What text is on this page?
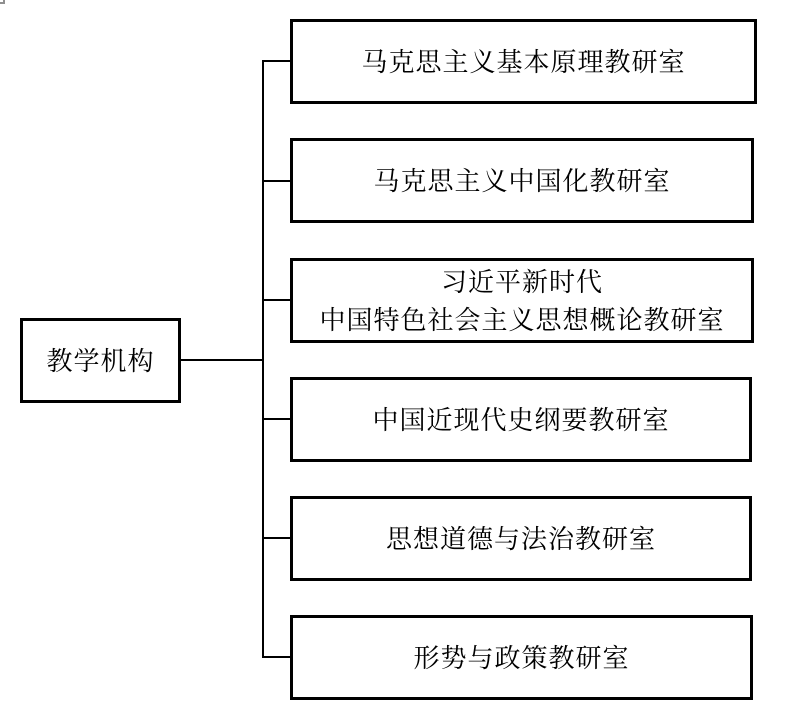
教学机构
马克思主义基本原理教研室
马克思主义中国化教研室
习近平新时代
中国特色社会主义思想概论教研室
中国近现代史纲要教研室
思想道德与法治教研室
形势与政策教研室
